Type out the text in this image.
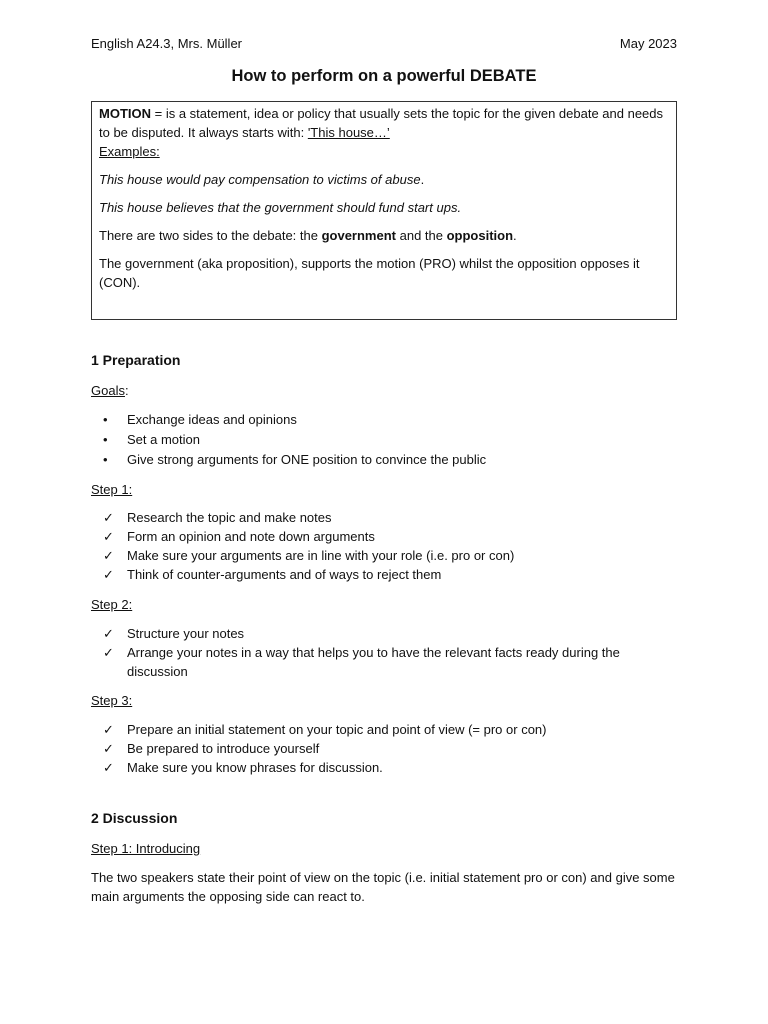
English A24.3, Mrs. Müller	May 2023
How to perform on a powerful DEBATE

MOTION = is a statement, idea or policy that usually sets the topic for the given debate and needs to be disputed. It always starts with: 'This house…’

Examples:

This house would pay compensation to victims of abuse.

This house believes that the government should fund start ups.

There are two sides to the debate: the government and the opposition.

The government (aka proposition), supports the motion (PRO) whilst the opposition opposes it (CON).

1 Preparation
Goals:
•	Exchange ideas and opinions
•	Set a motion
•	Give strong arguments for ONE position to convince the public
Step 1:
✓	Research the topic and make notes
✓	Form an opinion and note down arguments
✓	Make sure your arguments are in line with your role (i.e. pro or con)
✓	Think of counter-arguments and of ways to reject them
Step 2:
✓	Structure your notes
✓	Arrange your notes in a way that helps you to have the relevant facts ready during the discussion
Step 3:
✓	Prepare an initial statement on your topic and point of view (= pro or con)
✓	Be prepared to introduce yourself
✓	Make sure you know phrases for discussion.
2 Discussion
Step 1: Introducing

The two speakers state their point of view on the topic (i.e. initial statement pro or con) and give some main arguments the opposing side can react to.
